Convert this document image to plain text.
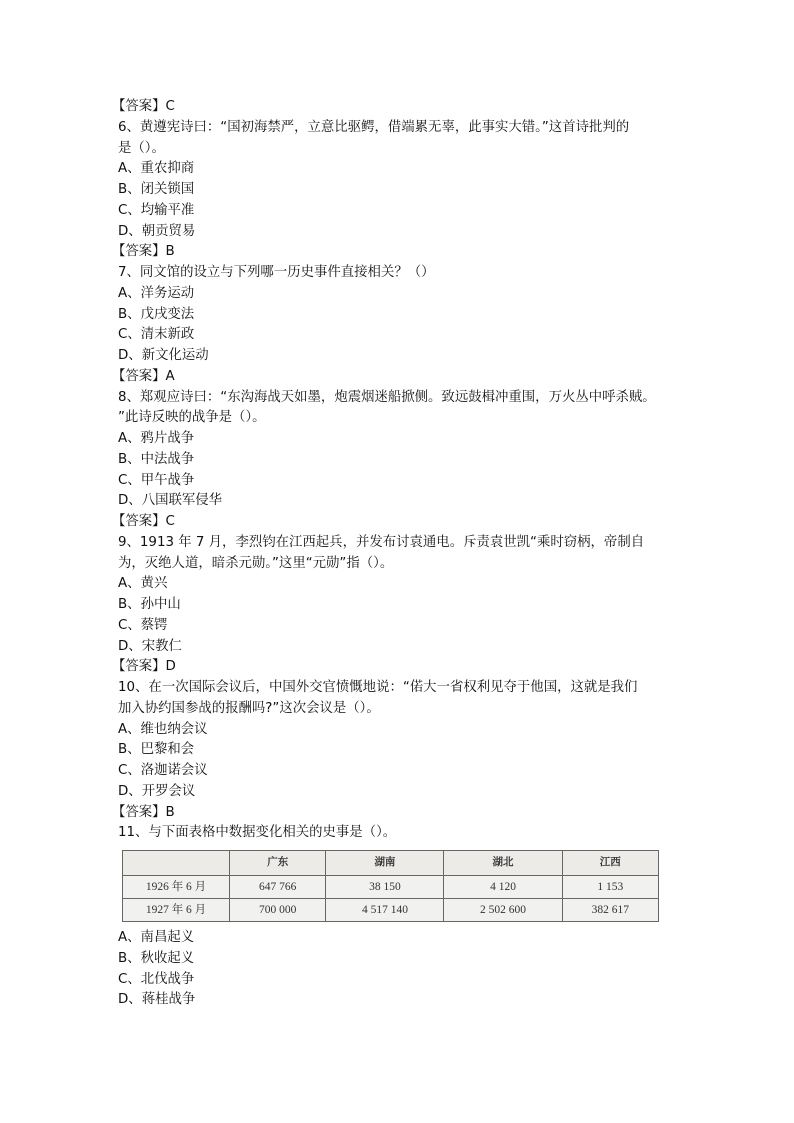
【答案】C
6、黄遵宪诗曰：“国初海禁严，立意比驱鳄，借端累无辜，此事实大错。”这首诗批判的
是（）。
A、重农抑商
B、闭关锁国
C、均输平准
D、朝贡贸易
【答案】B
7、同文馆的设立与下列哪一历史事件直接相关？（）
A、洋务运动
B、戊戌变法
C、清末新政
D、新文化运动
【答案】A
8、郑观应诗曰：“东沟海战天如墨，炮震烟迷船掀侧。致远鼓楫冲重围，万火丛中呼杀贼。
”此诗反映的战争是（）。
A、鸦片战争
B、中法战争
C、甲午战争
D、八国联军侵华
【答案】C
9、1913 年 7 月，李烈钧在江西起兵，并发布讨袁通电。斥责袁世凯“乘时窃柄，帝制自
为，灭绝人道，暗杀元勋。”这里“元勋”指（）。
A、黄兴
B、孙中山
C、蔡锷
D、宋教仁
【答案】D
10、在一次国际会议后，中国外交官愤慨地说：“偌大一省权利见夺于他国，这就是我们
加入协约国参战的报酬吗?”这次会议是（）。
A、维也纳会议
B、巴黎和会
C、洛迦诺会议
D、开罗会议
【答案】B
11、与下面表格中数据变化相关的史事是（）。
	广东	湖南	湖北	江西
1926 年 6 月	647 766	38 150	4 120	1 153
1927 年 6 月	700 000	4 517 140	2 502 600	382 617
A、南昌起义
B、秋收起义
C、北伐战争
D、蒋桂战争
